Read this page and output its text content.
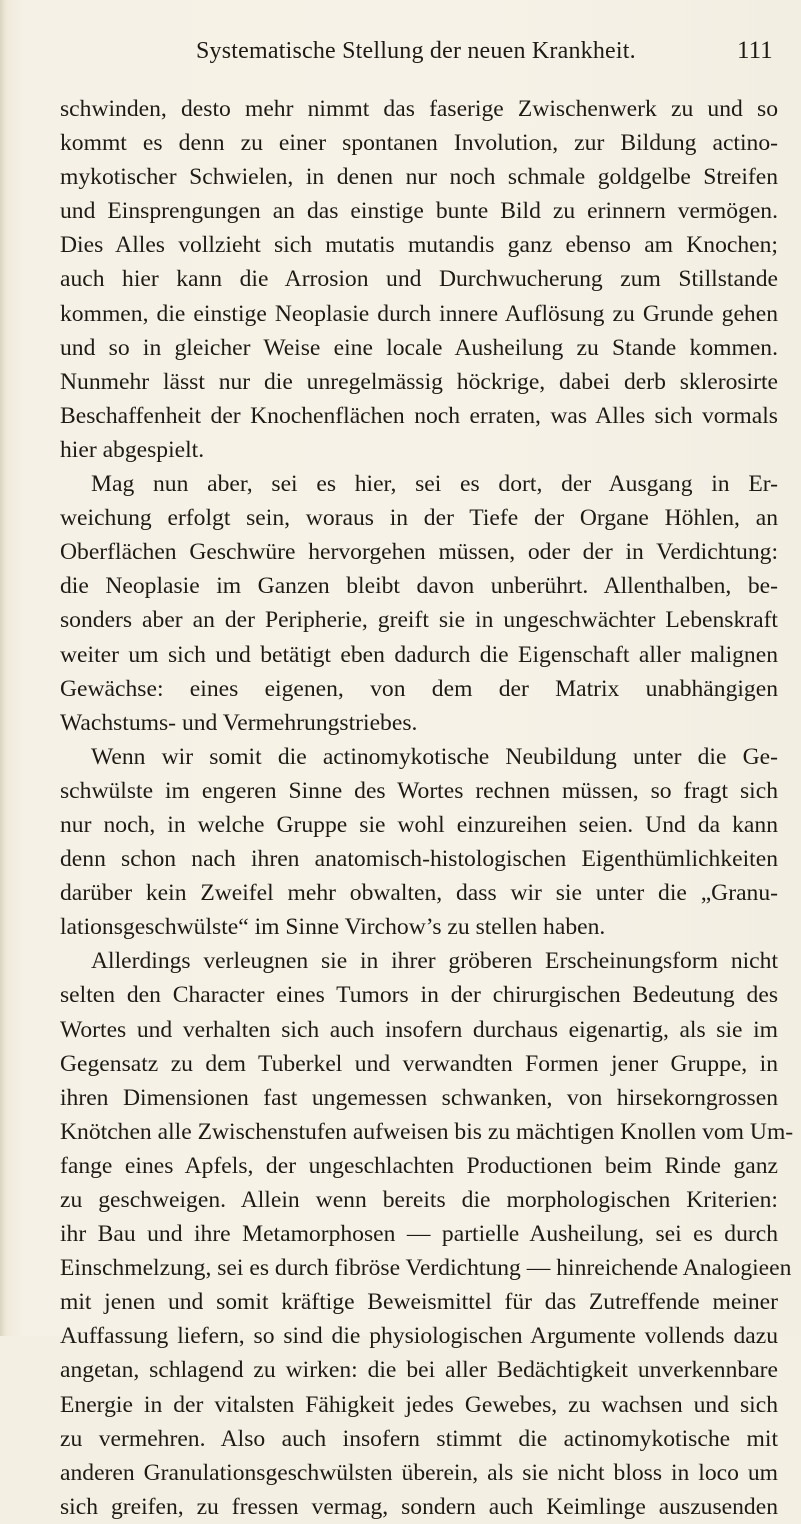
Systematische Stellung der neuen Krankheit.	111
schwinden, desto mehr nimmt das faserige Zwischenwerk zu und so
kommt es denn zu einer spontanen Involution, zur Bildung actino-
mykotischer Schwielen, in denen nur noch schmale goldgelbe Streifen
und Einsprengungen an das einstige bunte Bild zu erinnern vermögen.
Dies Alles vollzieht sich mutatis mutandis ganz ebenso am Knochen;
auch hier kann die Arrosion und Durchwucherung zum Stillstande
kommen, die einstige Neoplasie durch innere Auflösung zu Grunde gehen
und so in gleicher Weise eine locale Ausheilung zu Stande kommen.
Nunmehr lässt nur die unregelmässig höckrige, dabei derb sklerosirte
Beschaffenheit der Knochenflächen noch erraten, was Alles sich vormals
hier abgespielt.
Mag nun aber, sei es hier, sei es dort, der Ausgang in Er-
weichung erfolgt sein, woraus in der Tiefe der Organe Höhlen, an
Oberflächen Geschwüre hervorgehen müssen, oder der in Verdichtung:
die Neoplasie im Ganzen bleibt davon unberührt. Allenthalben, be-
sonders aber an der Peripherie, greift sie in ungeschwächter Lebenskraft
weiter um sich und betätigt eben dadurch die Eigenschaft aller malignen
Gewächse: eines eigenen, von dem der Matrix unabhängigen
Wachstums- und Vermehrungstriebes.
Wenn wir somit die actinomykotische Neubildung unter die Ge-
schwülste im engeren Sinne des Wortes rechnen müssen, so fragt sich
nur noch, in welche Gruppe sie wohl einzureihen seien. Und da kann
denn schon nach ihren anatomisch-histologischen Eigenthümlichkeiten
darüber kein Zweifel mehr obwalten, dass wir sie unter die „Granu-
lationsgeschwülste“ im Sinne Virchow’s zu stellen haben.
Allerdings verleugnen sie in ihrer gröberen Erscheinungsform nicht
selten den Character eines Tumors in der chirurgischen Bedeutung des
Wortes und verhalten sich auch insofern durchaus eigenartig, als sie im
Gegensatz zu dem Tuberkel und verwandten Formen jener Gruppe, in
ihren Dimensionen fast ungemessen schwanken, von hirsekorngrossen
Knötchen alle Zwischenstufen aufweisen bis zu mächtigen Knollen vom Um-
fange eines Apfels, der ungeschlachten Productionen beim Rinde ganz
zu geschweigen. Allein wenn bereits die morphologischen Kriterien:
ihr Bau und ihre Metamorphosen — partielle Ausheilung, sei es durch
Einschmelzung, sei es durch fibröse Verdichtung — hinreichende Analogieen
mit jenen und somit kräftige Beweismittel für das Zutreffende meiner
Auffassung liefern, so sind die physiologischen Argumente vollends dazu
angetan, schlagend zu wirken: die bei aller Bedächtigkeit unverkennbare
Energie in der vitalsten Fähigkeit jedes Gewebes, zu wachsen und sich
zu vermehren. Also auch insofern stimmt die actinomykotische mit
anderen Granulationsgeschwülsten überein, als sie nicht bloss in loco um
sich greifen, zu fressen vermag, sondern auch Keimlinge auszusenden
